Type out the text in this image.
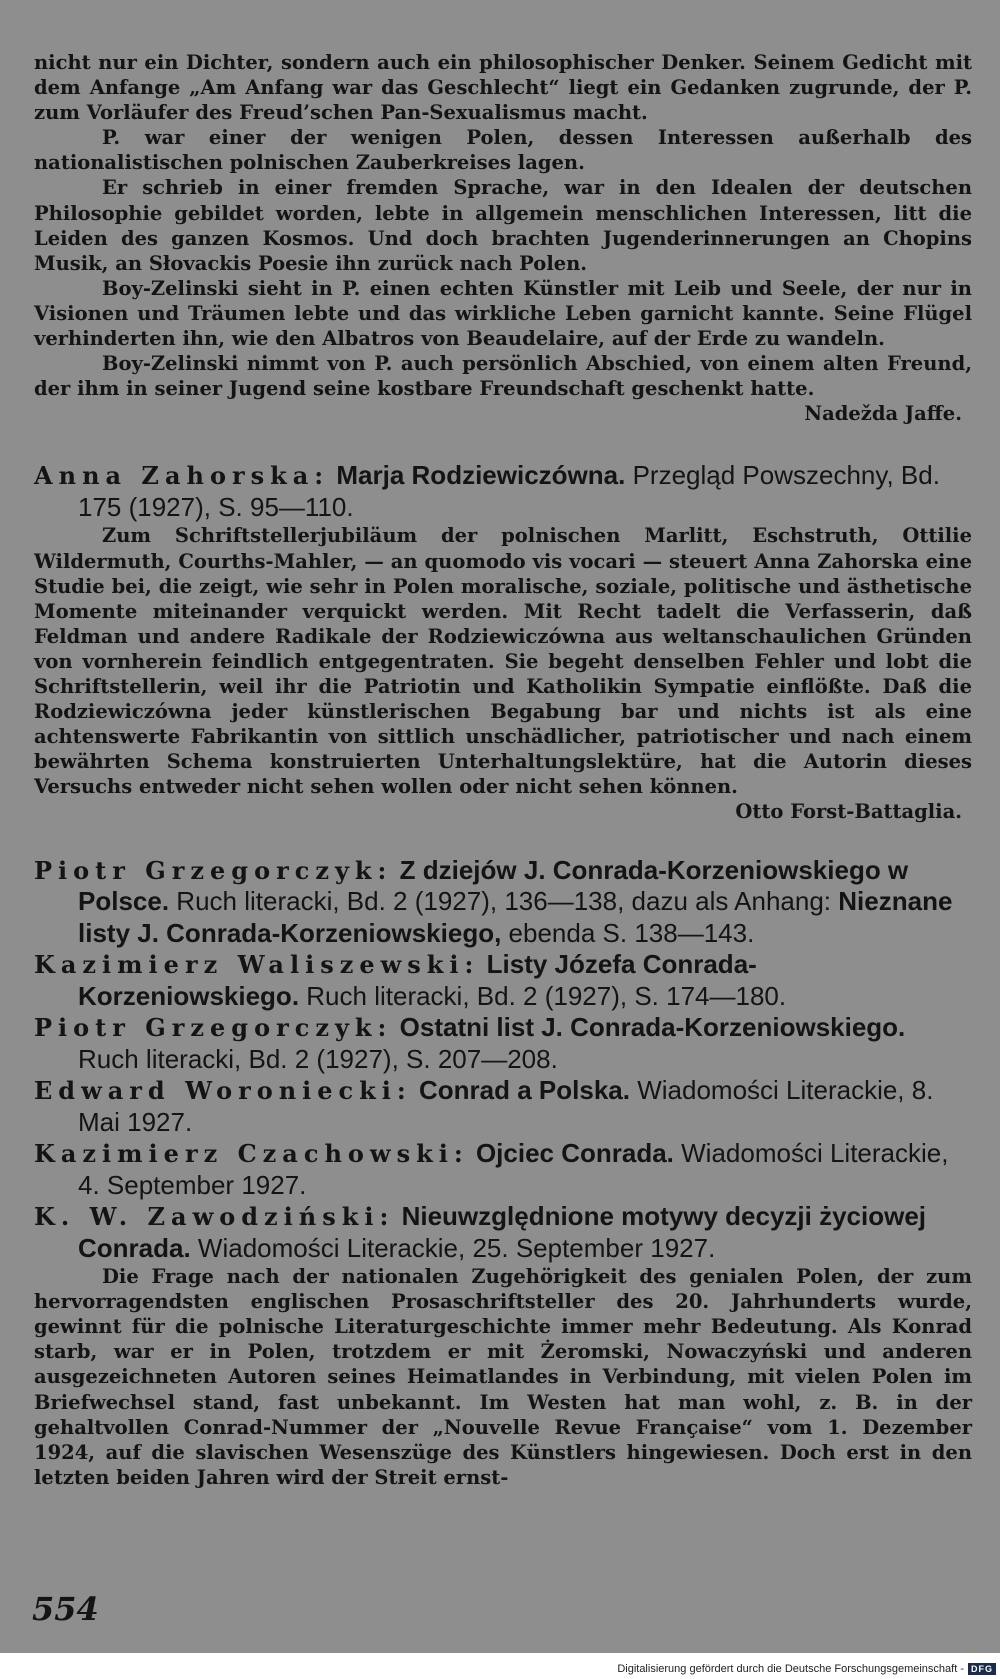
nicht nur ein Dichter, sondern auch ein philosophischer Denker. Seinem Gedicht mit dem Anfange „Am Anfang war das Geschlecht“ liegt ein Gedanken zugrunde, der P. zum Vorläufer des Freud’schen Pan-Sexualismus macht.

P. war einer der wenigen Polen, dessen Interessen außerhalb des nationalistischen polnischen Zauberkreises lagen.

Er schrieb in einer fremden Sprache, war in den Idealen der deutschen Philosophie gebildet worden, lebte in allgemein menschlichen Interessen, litt die Leiden des ganzen Kosmos. Und doch brachten Jugenderinnerungen an Chopins Musik, an Słovackis Poesie ihn zurück nach Polen.

Boy-Zelinski sieht in P. einen echten Künstler mit Leib und Seele, der nur in Visionen und Träumen lebte und das wirkliche Leben garnicht kannte. Seine Flügel verhinderten ihn, wie den Albatros von Beaudelaire, auf der Erde zu wandeln.

Boy-Zelinski nimmt von P. auch persönlich Abschied, von einem alten Freund, der ihm in seiner Jugend seine kostbare Freundschaft geschenkt hatte.

Nadežda Jaffe.

Anna Zahorska: Marja Rodziewiczówna. Przegląd Powszechny, Bd. 175 (1927), S. 95—110.

Zum Schriftstellerjubiläum der polnischen Marlitt, Eschstruth, Ottilie Wildermuth, Courths-Mahler, — an quomodo vis vocari — steuert Anna Zahorska eine Studie bei, die zeigt, wie sehr in Polen moralische, soziale, politische und ästhetische Momente miteinander verquickt werden. Mit Recht tadelt die Verfasserin, daß Feldman und andere Radikale der Rodziewiczówna aus weltanschaulichen Gründen von vornherein feindlich entgegentraten. Sie begeht denselben Fehler und lobt die Schriftstellerin, weil ihr die Patriotin und Katholikin Sympatie einflößte. Daß die Rodziewiczówna jeder künstlerischen Begabung bar und nichts ist als eine achtenswerte Fabrikantin von sittlich unschädlicher, patriotischer und nach einem bewährten Schema konstruierten Unterhaltungslektüre, hat die Autorin dieses Versuchs entweder nicht sehen wollen oder nicht sehen können.

Otto Forst-Battaglia.

Piotr Grzegorczyk: Z dziejów J. Conrada-Korzeniowskiego w Polsce. Ruch literacki, Bd. 2 (1927), 136—138, dazu als Anhang: Nieznane listy J. Conrada-Korzeniowskiego, ebenda S. 138—143.

Kazimierz Waliszewski: Listy Józefa Conrada-Korzeniowskiego. Ruch literacki, Bd. 2 (1927), S. 174—180.

Piotr Grzegorczyk: Ostatni list J. Conrada-Korzeniowskiego. Ruch literacki, Bd. 2 (1927), S. 207—208.

Edward Woroniecki: Conrad a Polska. Wiadomości Literackie, 8. Mai 1927.

Kazimierz Czachowski: Ojciec Conrada. Wiadomości Literackie, 4. September 1927.

K. W. Zawodziński: Nieuwzględnione motywy decyzji życiowej Conrada. Wiadomości Literackie, 25. September 1927.

Die Frage nach der nationalen Zugehörigkeit des genialen Polen, der zum hervorragendsten englischen Prosaschriftsteller des 20. Jahrhunderts wurde, gewinnt für die polnische Literaturgeschichte immer mehr Bedeutung. Als Konrad starb, war er in Polen, trotzdem er mit Żeromski, Nowaczyński und anderen ausgezeichneten Autoren seines Heimatlandes in Verbindung, mit vielen Polen im Briefwechsel stand, fast unbekannt. Im Westen hat man wohl, z. B. in der gehaltvollen Conrad-Nummer der „Nouvelle Revue Française“ vom 1. Dezember 1924, auf die slavischen Wesenszüge des Künstlers hingewiesen. Doch erst in den letzten beiden Jahren wird der Streit ernst-

554
Digitalisierung gefördert durch die Deutsche Forschungsgemeinschaft - DFG
